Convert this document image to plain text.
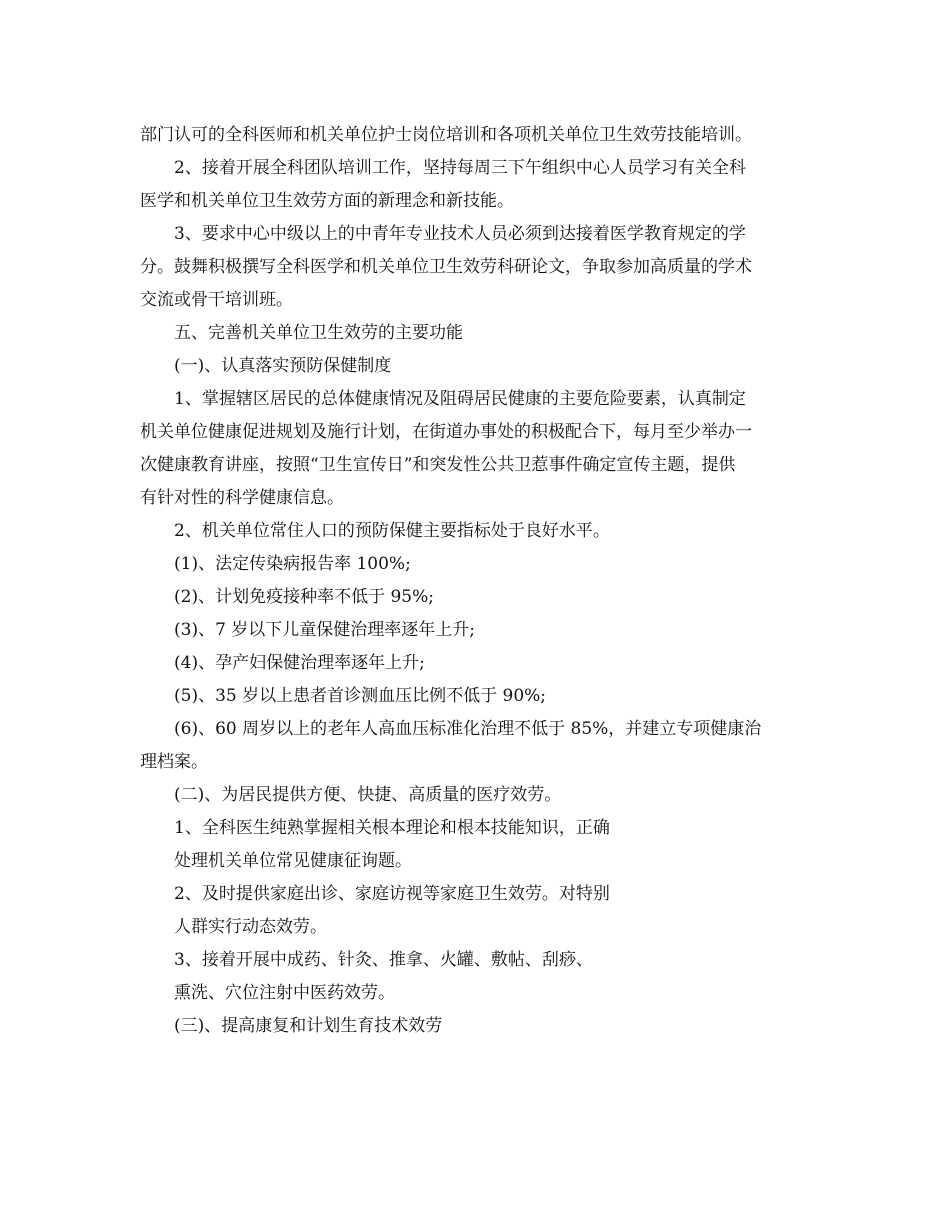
部门认可的全科医师和机关单位护士岗位培训和各项机关单位卫生效劳技能培训。
2、接着开展全科团队培训工作，坚持每周三下午组织中心人员学习有关全科
医学和机关单位卫生效劳方面的新理念和新技能。
3、要求中心中级以上的中青年专业技术人员必须到达接着医学教育规定的学
分。鼓舞积极撰写全科医学和机关单位卫生效劳科研论文，争取参加高质量的学术
交流或骨干培训班。
五、完善机关单位卫生效劳的主要功能
(一)、认真落实预防保健制度
1、掌握辖区居民的总体健康情况及阻碍居民健康的主要危险要素，认真制定
机关单位健康促进规划及施行计划，在街道办事处的积极配合下，每月至少举办一
次健康教育讲座，按照“卫生宣传日”和突发性公共卫惹事件确定宣传主题，提供
有针对性的科学健康信息。
2、机关单位常住人口的预防保健主要指标处于良好水平。
(1)、法定传染病报告率 100%;
(2)、计划免疫接种率不低于 95%;
(3)、7 岁以下儿童保健治理率逐年上升;
(4)、孕产妇保健治理率逐年上升;
(5)、35 岁以上患者首诊测血压比例不低于 90%;
(6)、60 周岁以上的老年人高血压标准化治理不低于 85%，并建立专项健康治
理档案。
(二)、为居民提供方便、快捷、高质量的医疗效劳。
1、全科医生纯熟掌握相关根本理论和根本技能知识，正确
处理机关单位常见健康征询题。
2、及时提供家庭出诊、家庭访视等家庭卫生效劳。对特别
人群实行动态效劳。
3、接着开展中成药、针灸、推拿、火罐、敷帖、刮痧、
熏洗、穴位注射中医药效劳。
(三)、提高康复和计划生育技术效劳
